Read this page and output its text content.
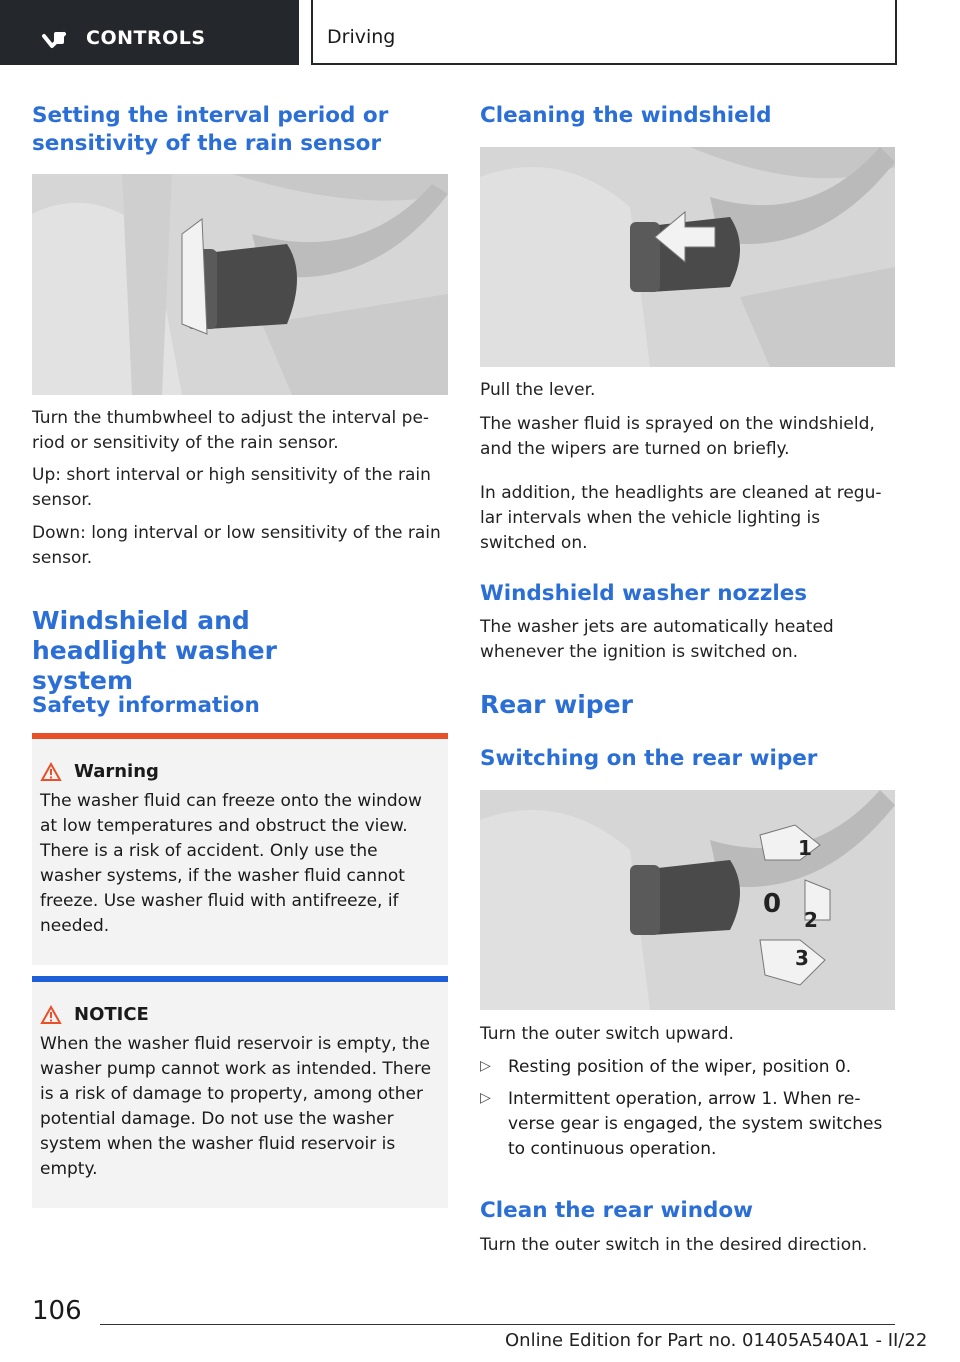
CONTROLS	Driving
Setting the interval period or sensitivity of the rain sensor

Turn the thumbwheel to adjust the interval period or sensitivity of the rain sensor.

Up: short interval or high sensitivity of the rain sensor.

Down: long interval or low sensitivity of the rain sensor.

Windshield and headlight washer system
Safety information
Warning
The washer fluid can freeze onto the window at low temperatures and obstruct the view. There is a risk of accident. Only use the washer systems, if the washer fluid cannot freeze. Use washer fluid with antifreeze, if needed.
NOTICE
When the washer fluid reservoir is empty, the washer pump cannot work as intended. There is a risk of damage to property, among other potential damage. Do not use the washer system when the washer fluid reservoir is empty.
Cleaning the windshield

Pull the lever.

The washer fluid is sprayed on the windshield, and the wipers are turned on briefly.

In addition, the headlights are cleaned at regular intervals when the vehicle lighting is switched on.

Windshield washer nozzles

The washer jets are automatically heated whenever the ignition is switched on.

Rear wiper
Switching on the rear wiper
1
0
2
3

Turn the outer switch upward.

▷	Resting position of the wiper, position 0.
▷	Intermittent operation, arrow 1. When reverse gear is engaged, the system switches to continuous operation.
Clean the rear window

Turn the outer switch in the desired direction.

106
Online Edition for Part no. 01405A540A1 - II/22
